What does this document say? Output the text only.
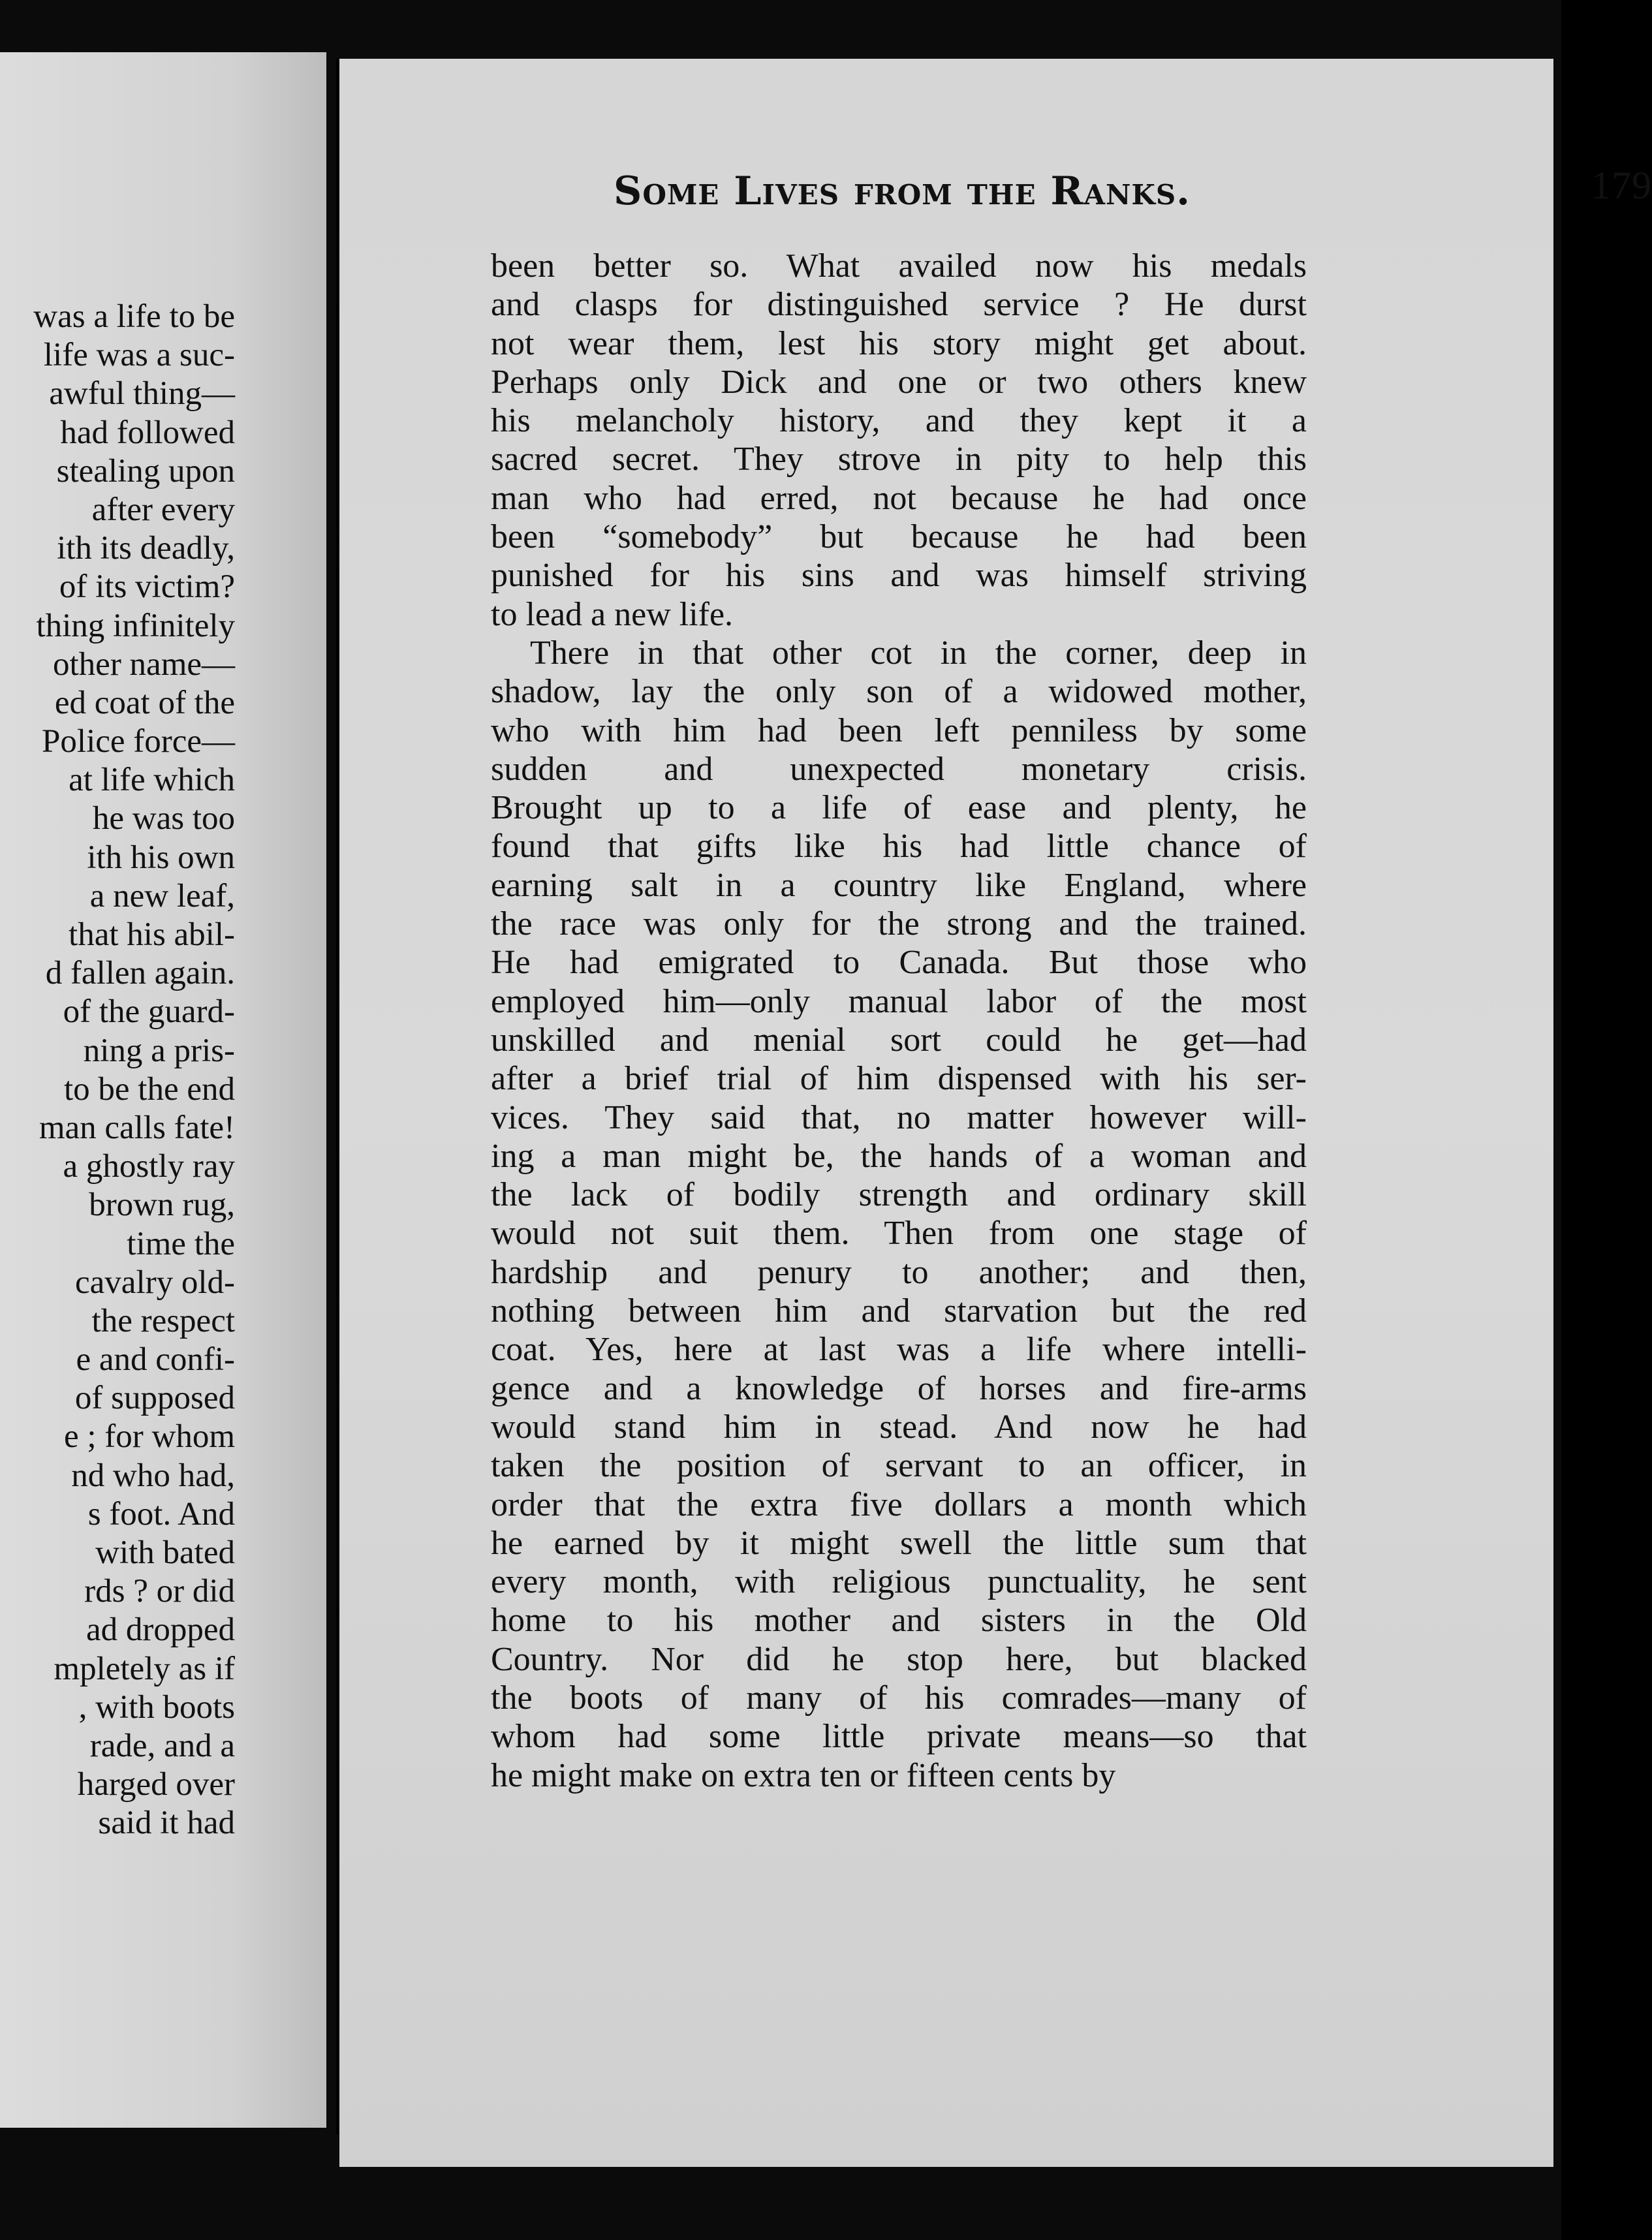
was a life to be
life was a suc-
awful thing—
had followed
stealing upon
after every
ith its deadly,
of its victim?
thing infinitely
other name—
ed coat of the
Police force—
at life which
he was too
ith his own
a new leaf,
that his abil-
d fallen again.
of the guard-
ning a pris-
to be the end
man calls fate!
a ghostly ray
brown rug,
time the
cavalry old-
the respect
e and confi-
of supposed
e ; for whom
nd who had,
s foot. And
with bated
rds ? or did
ad dropped
mpletely as if
, with boots
rade, and a
harged over
said it had
Some Lives from the Ranks.	179
been better so. What availed now his medals
and clasps for distinguished service ? He durst
not wear them, lest his story might get about.
Perhaps only Dick and one or two others knew
his melancholy history, and they kept it a
sacred secret. They strove in pity to help this
man who had erred, not because he had once
been “somebody” but because he had been
punished for his sins and was himself striving
to lead a new life.
There in that other cot in the corner, deep in
shadow, lay the only son of a widowed mother,
who with him had been left penniless by some
sudden and unexpected monetary crisis.
Brought up to a life of ease and plenty, he
found that gifts like his had little chance of
earning salt in a country like England, where
the race was only for the strong and the trained.
He had emigrated to Canada. But those who
employed him—only manual labor of the most
unskilled and menial sort could he get—had
after a brief trial of him dispensed with his ser-
vices. They said that, no matter however will-
ing a man might be, the hands of a woman and
the lack of bodily strength and ordinary skill
would not suit them. Then from one stage of
hardship and penury to another; and then,
nothing between him and starvation but the red
coat. Yes, here at last was a life where intelli-
gence and a knowledge of horses and fire-arms
would stand him in stead. And now he had
taken the position of servant to an officer, in
order that the extra five dollars a month which
he earned by it might swell the little sum that
every month, with religious punctuality, he sent
home to his mother and sisters in the Old
Country. Nor did he stop here, but blacked
the boots of many of his comrades—many of
whom had some little private means—so that
he might make on extra ten or fifteen cents by
